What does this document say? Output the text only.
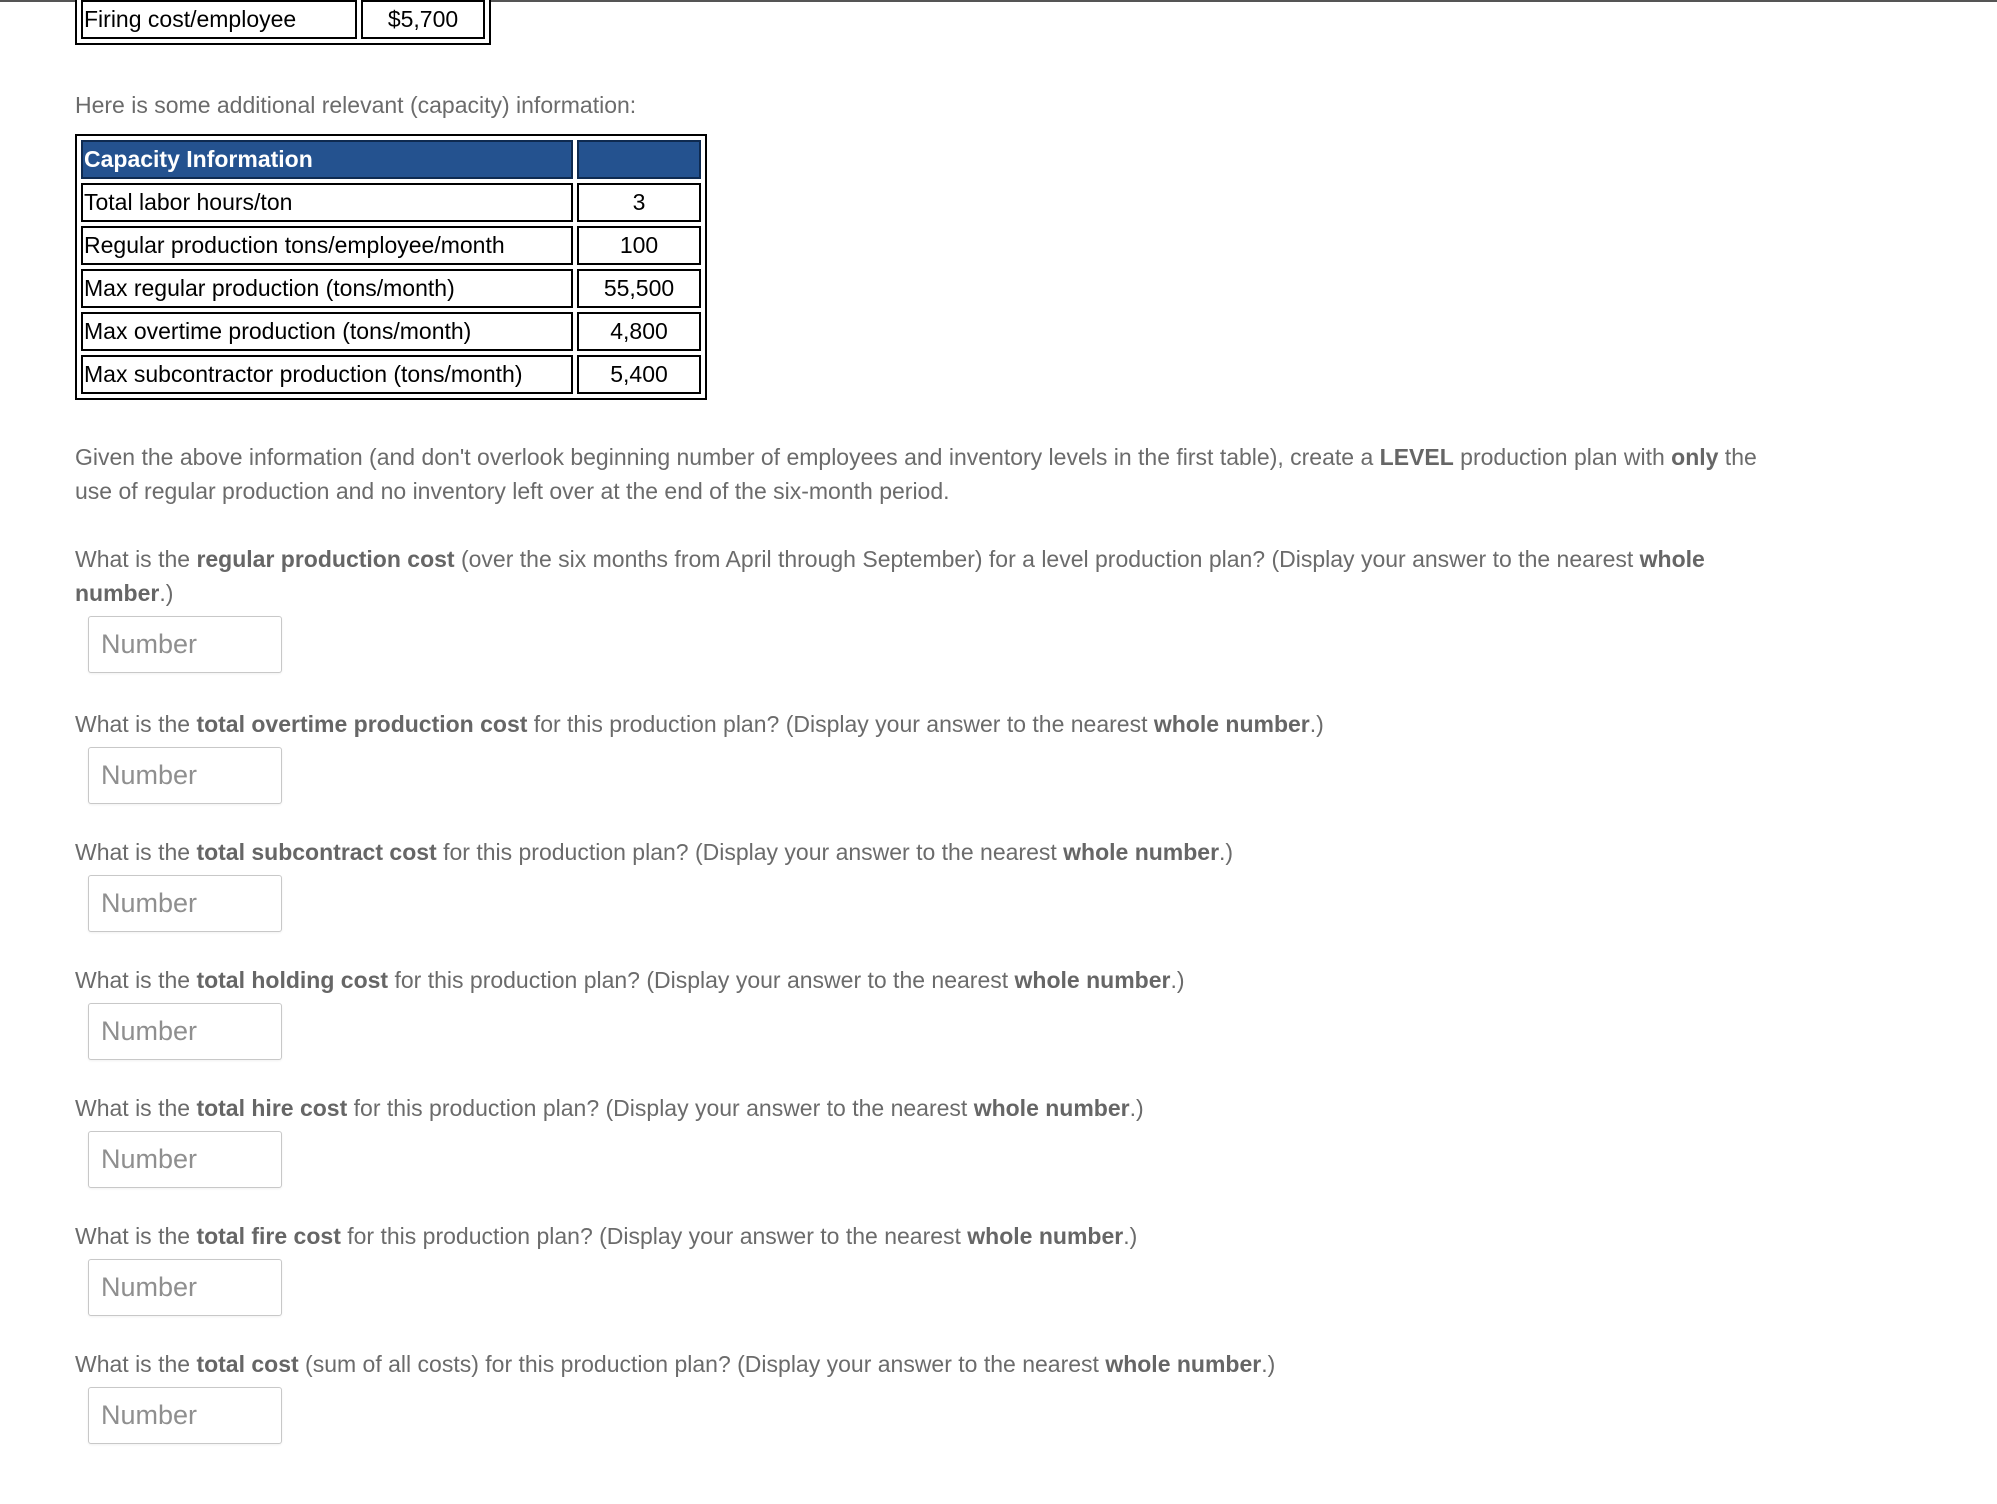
Firing cost/employee	$5,700
Here is some additional relevant (capacity) information:
Capacity Information	
Total labor hours/ton	3
Regular production tons/employee/month	100
Max regular production (tons/month)	55,500
Max overtime production (tons/month)	4,800
Max subcontractor production (tons/month)	5,400
Given the above information (and don't overlook beginning number of employees and inventory levels in the first table), create a LEVEL production plan with only the use of regular production and no inventory left over at the end of the six-month period.
What is the regular production cost (over the six months from April through September) for a level production plan? (Display your answer to the nearest whole number.)
Number
What is the total overtime production cost for this production plan? (Display your answer to the nearest whole number.)
Number
What is the total subcontract cost for this production plan? (Display your answer to the nearest whole number.)
Number
What is the total holding cost for this production plan? (Display your answer to the nearest whole number.)
Number
What is the total hire cost for this production plan? (Display your answer to the nearest whole number.)
Number
What is the total fire cost for this production plan? (Display your answer to the nearest whole number.)
Number
What is the total cost (sum of all costs) for this production plan? (Display your answer to the nearest whole number.)
Number
